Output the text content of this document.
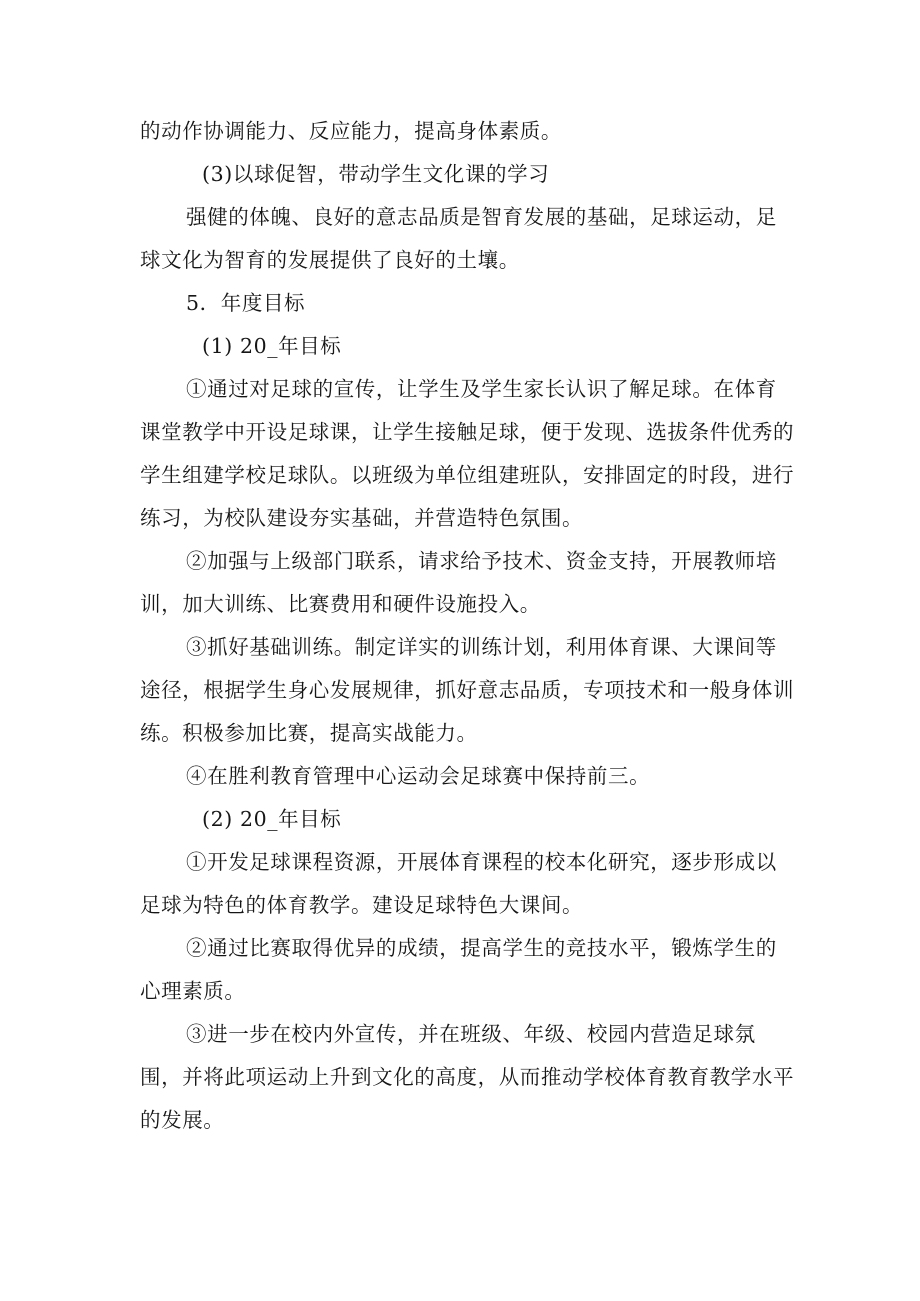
的动作协调能力、反应能力，提高身体素质。

(3)以球促智，带动学生文化课的学习

强健的体魄、良好的意志品质是智育发展的基础，足球运动，足球文化为智育的发展提供了良好的土壤。

5．年度目标

(1) 20_年目标

①通过对足球的宣传，让学生及学生家长认识了解足球。在体育课堂教学中开设足球课，让学生接触足球，便于发现、选拔条件优秀的学生组建学校足球队。以班级为单位组建班队，安排固定的时段，进行练习，为校队建设夯实基础，并营造特色氛围。

②加强与上级部门联系，请求给予技术、资金支持，开展教师培训，加大训练、比赛费用和硬件设施投入。

③抓好基础训练。制定详实的训练计划，利用体育课、大课间等途径，根据学生身心发展规律，抓好意志品质，专项技术和一般身体训练。积极参加比赛，提高实战能力。

④在胜利教育管理中心运动会足球赛中保持前三。

(2) 20_年目标

①开发足球课程资源，开展体育课程的校本化研究，逐步形成以足球为特色的体育教学。建设足球特色大课间。

②通过比赛取得优异的成绩，提高学生的竞技水平，锻炼学生的心理素质。

③进一步在校内外宣传，并在班级、年级、校园内营造足球氛围，并将此项运动上升到文化的高度，从而推动学校体育教育教学水平的发展。
